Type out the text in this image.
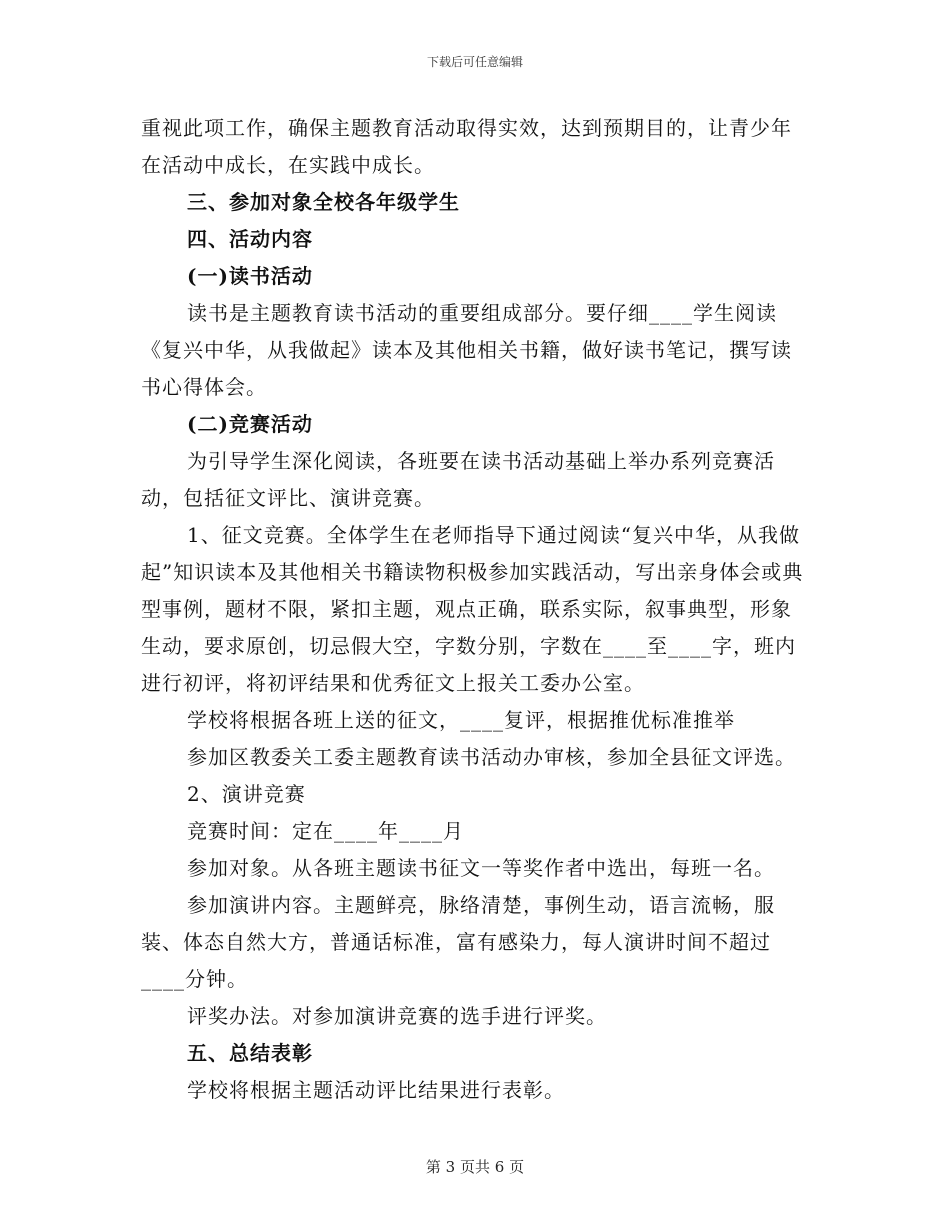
下载后可任意编辑

重视此项工作，确保主题教育活动取得实效，达到预期目的，让青少年在活动中成长，在实践中成长。

三、参加对象全校各年级学生

四、活动内容

(一)读书活动

读书是主题教育读书活动的重要组成部分。要仔细____学生阅读《复兴中华，从我做起》读本及其他相关书籍，做好读书笔记，撰写读书心得体会。

(二)竞赛活动

为引导学生深化阅读，各班要在读书活动基础上举办系列竞赛活动，包括征文评比、演讲竞赛。

1、征文竞赛。全体学生在老师指导下通过阅读“复兴中华，从我做起”知识读本及其他相关书籍读物积极参加实践活动，写出亲身体会或典型事例，题材不限，紧扣主题，观点正确，联系实际，叙事典型，形象生动，要求原创，切忌假大空，字数分别，字数在____至____字，班内进行初评，将初评结果和优秀征文上报关工委办公室。

学校将根据各班上送的征文，____复评，根据推优标准推举

参加区教委关工委主题教育读书活动办审核，参加全县征文评选。

2、演讲竞赛

竞赛时间：定在____年____月

参加对象。从各班主题读书征文一等奖作者中选出，每班一名。

参加演讲内容。主题鲜亮，脉络清楚，事例生动，语言流畅，服装、体态自然大方，普通话标准，富有感染力，每人演讲时间不超过____分钟。

评奖办法。对参加演讲竞赛的选手进行评奖。

五、总结表彰

学校将根据主题活动评比结果进行表彰。

第 3 页共 6 页
